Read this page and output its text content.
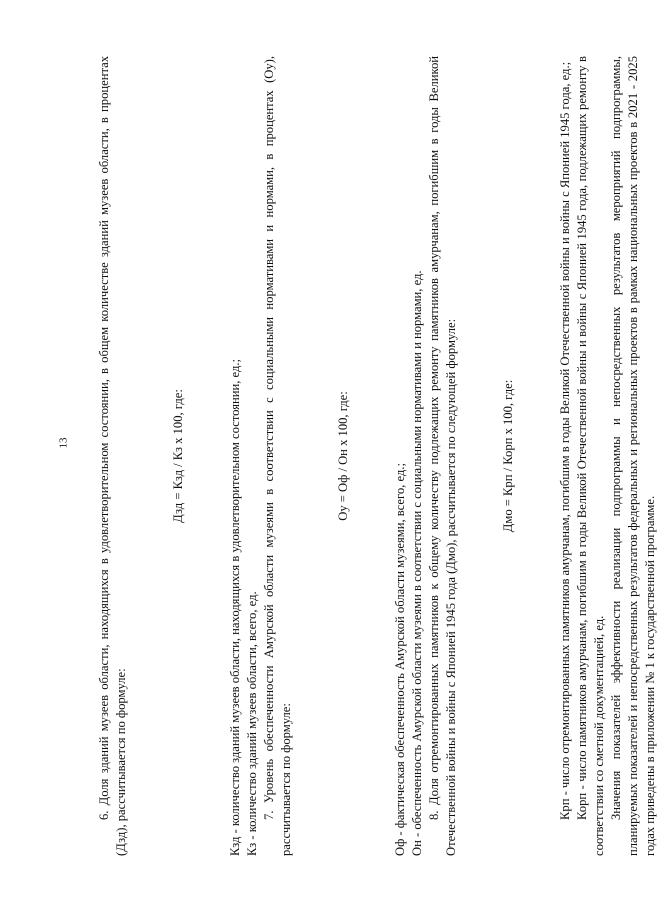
13 6. Доля зданий музеев области, находящихся в удовлетворительном состоянии, в общем количестве зданий музеев области, в процентах (Дзд), рассчитывается по формуле:

Дзд = Кзд / Кз х 100, где:	Кзд - количество зданий музеев области, находящихся в удовлетворительном состоянии, ед.; Кз - количество зданий музеев области, всего, ед. 7. Уровень обеспеченности Амурской области музеями в соответствии с социальными нормативами и нормами, в процентах (Оу), рассчитывается по формуле:

Оу = Оф / Он х 100, где:

Оф - фактическая обеспеченность Амурской области музеями, всего, ед.; Он - обеспеченность Амурской области музеями в соответствии с социальными нормативами и нормами, ед. 8. Доля отремонтированных памятников к общему количеству подлежащих ремонту памятников амурчанам, погибшим в годы Великой Отечественной войны и войны с Японией 1945 года (Дмо), рассчитывается по следующей формуле:	Дмо = Крп / Корп х 100, где:	Крп - число отремонтированных памятников амурчанам, погибшим в годы Великой Отечественной войны и войны с Японией 1945 года, ед.; Корп - число памятников амурчанам, погибшим в годы Великой Отечественной войны и войны с Японией 1945 года, подлежащих ремонту в соответствии со сметной документацией, ед. Значения показателей эффективности реализации подпрограммы и непосредственных результатов мероприятий подпрограммы, планируемых показателей и непосредственных результатов федеральных и региональных проектов в рамках национальных проектов в 2021 - 2025 годах приведены в приложении № 1 к государственной программе.
